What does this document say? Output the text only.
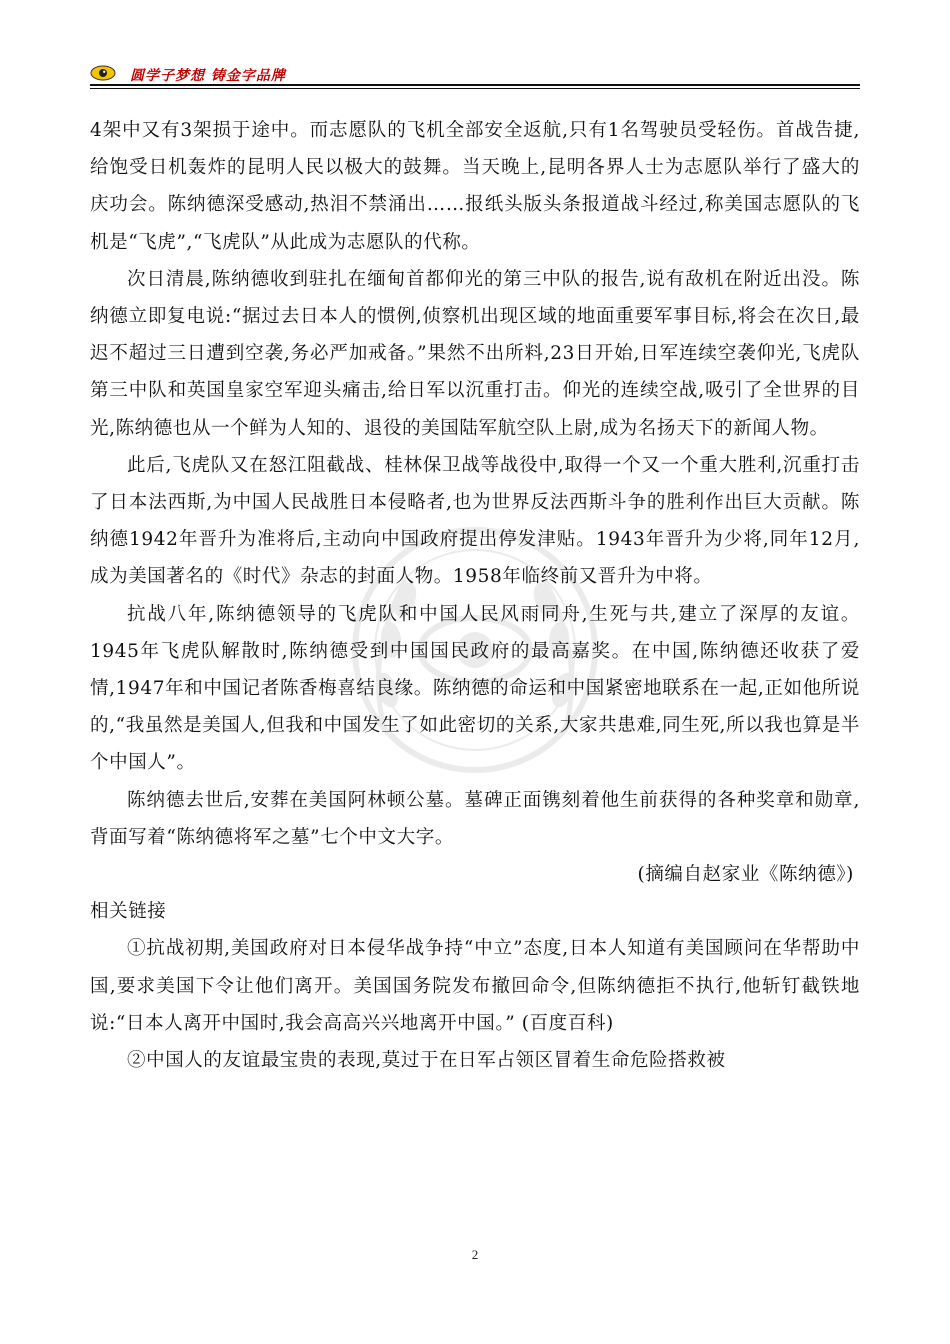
圆学子梦想 铸金字品牌

4架中又有3架损于途中。而志愿队的飞机全部安全返航,只有1名驾驶员受轻伤。首战告捷,给饱受日机轰炸的昆明人民以极大的鼓舞。当天晚上,昆明各界人士为志愿队举行了盛大的庆功会。陈纳德深受感动,热泪不禁涌出……报纸头版头条报道战斗经过,称美国志愿队的飞机是“飞虎”,“飞虎队”从此成为志愿队的代称。

次日清晨,陈纳德收到驻扎在缅甸首都仰光的第三中队的报告,说有敌机在附近出没。陈纳德立即复电说:“据过去日本人的惯例,侦察机出现区域的地面重要军事目标,将会在次日,最迟不超过三日遭到空袭,务必严加戒备。”果然不出所料,23日开始,日军连续空袭仰光,飞虎队第三中队和英国皇家空军迎头痛击,给日军以沉重打击。仰光的连续空战,吸引了全世界的目光,陈纳德也从一个鲜为人知的、退役的美国陆军航空队上尉,成为名扬天下的新闻人物。

此后,飞虎队又在怒江阻截战、桂林保卫战等战役中,取得一个又一个重大胜利,沉重打击了日本法西斯,为中国人民战胜日本侵略者,也为世界反法西斯斗争的胜利作出巨大贡献。陈纳德1942年晋升为准将后,主动向中国政府提出停发津贴。1943年晋升为少将,同年12月,成为美国著名的《时代》杂志的封面人物。1958年临终前又晋升为中将。

抗战八年,陈纳德领导的飞虎队和中国人民风雨同舟,生死与共,建立了深厚的友谊。1945年飞虎队解散时,陈纳德受到中国国民政府的最高嘉奖。在中国,陈纳德还收获了爱情,1947年和中国记者陈香梅喜结良缘。陈纳德的命运和中国紧密地联系在一起,正如他所说的,“我虽然是美国人,但我和中国发生了如此密切的关系,大家共患难,同生死,所以我也算是半个中国人”。

陈纳德去世后,安葬在美国阿林顿公墓。墓碑正面镌刻着他生前获得的各种奖章和勋章,背面写着“陈纳德将军之墓”七个中文大字。

(摘编自赵家业《陈纳德》)

相关链接

①抗战初期,美国政府对日本侵华战争持“中立”态度,日本人知道有美国顾问在华帮助中国,要求美国下令让他们离开。美国国务院发布撤回命令,但陈纳德拒不执行,他斩钉截铁地说:“日本人离开中国时,我会高高兴兴地离开中国。” (百度百科)

②中国人的友谊最宝贵的表现,莫过于在日军占领区冒着生命危险搭救被

2
